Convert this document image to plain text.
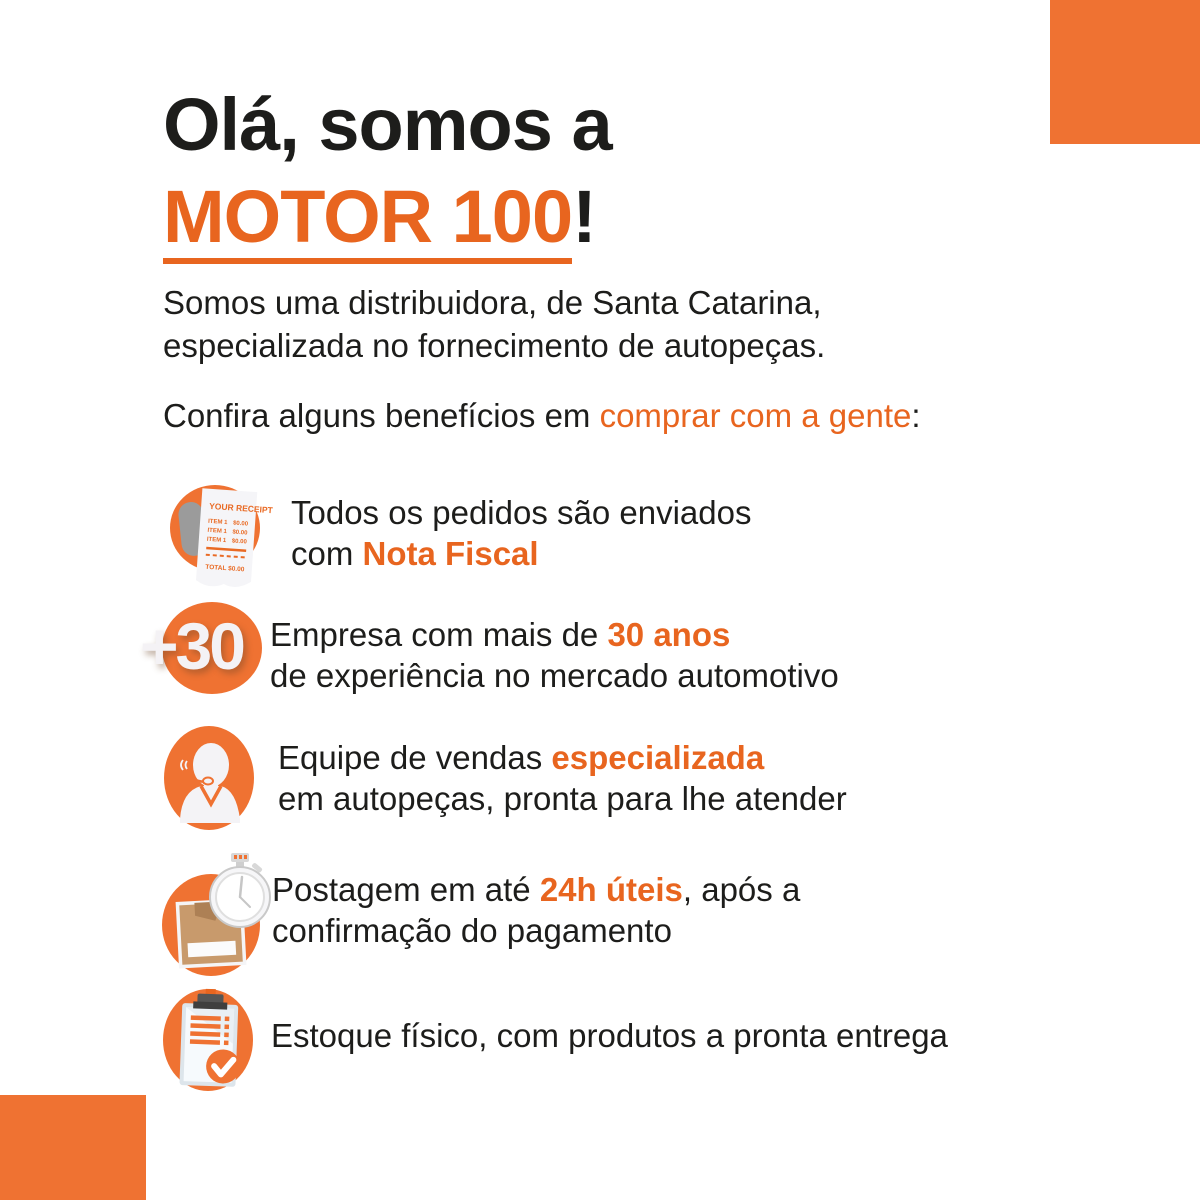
Olá, somos a
MOTOR 100!

Somos uma distribuidora, de Santa Catarina,
especializada no fornecimento de autopeças.

Confira alguns benefícios em comprar com a gente:

YOUR RECEIPT
ITEM 1 $0.00
ITEM 1 $0.00
ITEM 1 $0.00
TOTAL $0.00
Todos os pedidos são enviados
com Nota Fiscal
+30 Empresa com mais de 30 anos
de experiência no mercado automotivo
Equipe de vendas especializada
em autopeças, pronta para lhe atender
Postagem em até 24h úteis, após a
confirmação do pagamento
Estoque físico, com produtos a pronta entrega
